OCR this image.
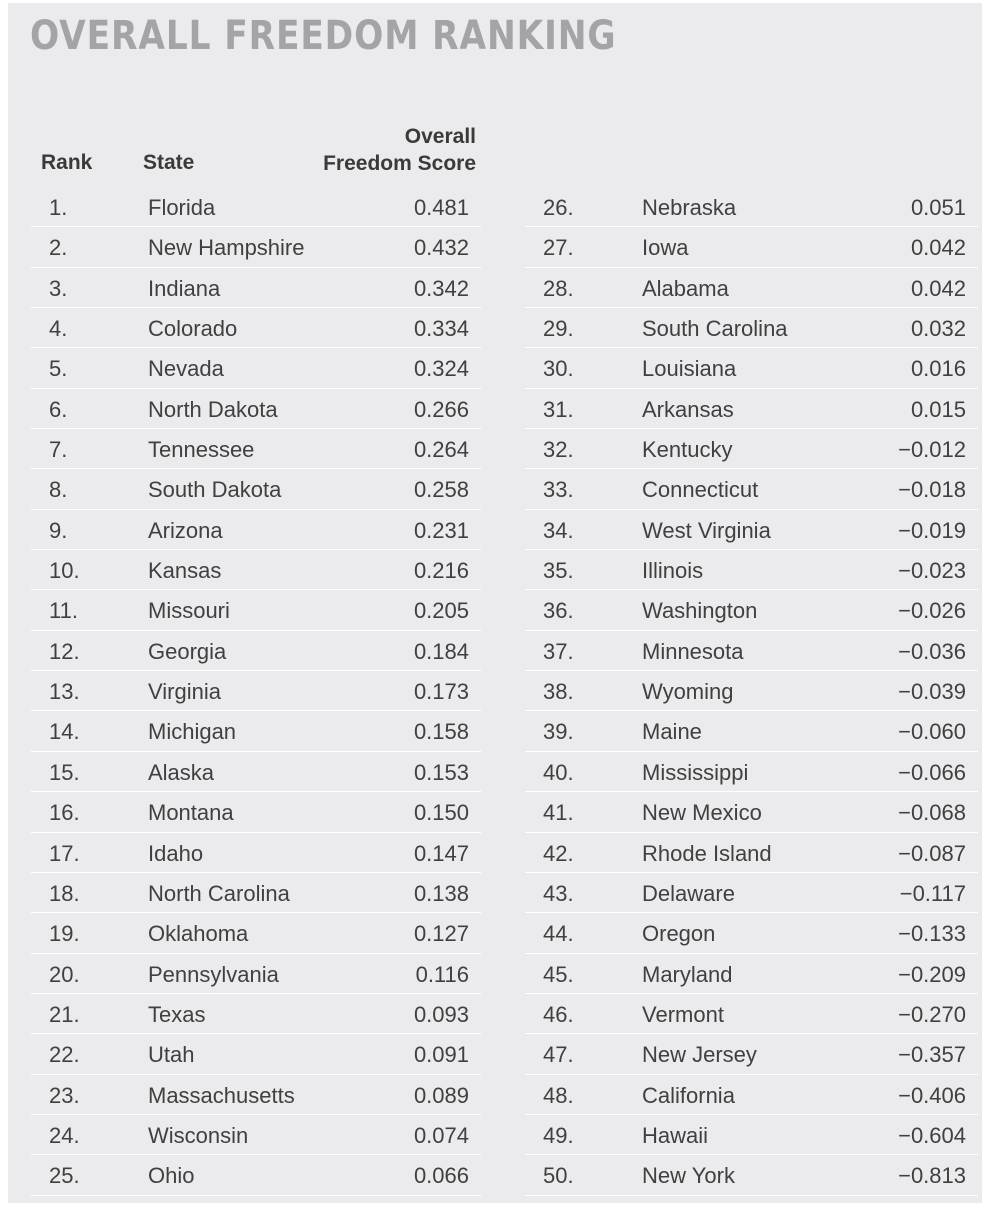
OVERALL FREEDOM RANKING
Rank State
Overall
Freedom Score
1.	Florida	0.481
2.	New Hampshire	0.432
3.	Indiana	0.342
4.	Colorado	0.334
5.	Nevada	0.324
6.	North Dakota	0.266
7.	Tennessee	0.264
8.	South Dakota	0.258
9.	Arizona	0.231
10.	Kansas	0.216
11.	Missouri	0.205
12.	Georgia	0.184
13.	Virginia	0.173
14.	Michigan	0.158
15.	Alaska	0.153
16.	Montana	0.150
17.	Idaho	0.147
18.	North Carolina	0.138
19.	Oklahoma	0.127
20.	Pennsylvania	0.116
21.	Texas	0.093
22.	Utah	0.091
23.	Massachusetts	0.089
24.	Wisconsin	0.074
25.	Ohio	0.066
26.	Nebraska	0.051
27.	Iowa	0.042
28.	Alabama	0.042
29.	South Carolina	0.032
30.	Louisiana	0.016
31.	Arkansas	0.015
32.	Kentucky	−0.012
33.	Connecticut	−0.018
34.	West Virginia	−0.019
35.	Illinois	−0.023
36.	Washington	−0.026
37.	Minnesota	−0.036
38.	Wyoming	−0.039
39.	Maine	−0.060
40.	Mississippi	−0.066
41.	New Mexico	−0.068
42.	Rhode Island	−0.087
43.	Delaware	−0.117
44.	Oregon	−0.133
45.	Maryland	−0.209
46.	Vermont	−0.270
47.	New Jersey	−0.357
48.	California	−0.406
49.	Hawaii	−0.604
50.	New York	−0.813
